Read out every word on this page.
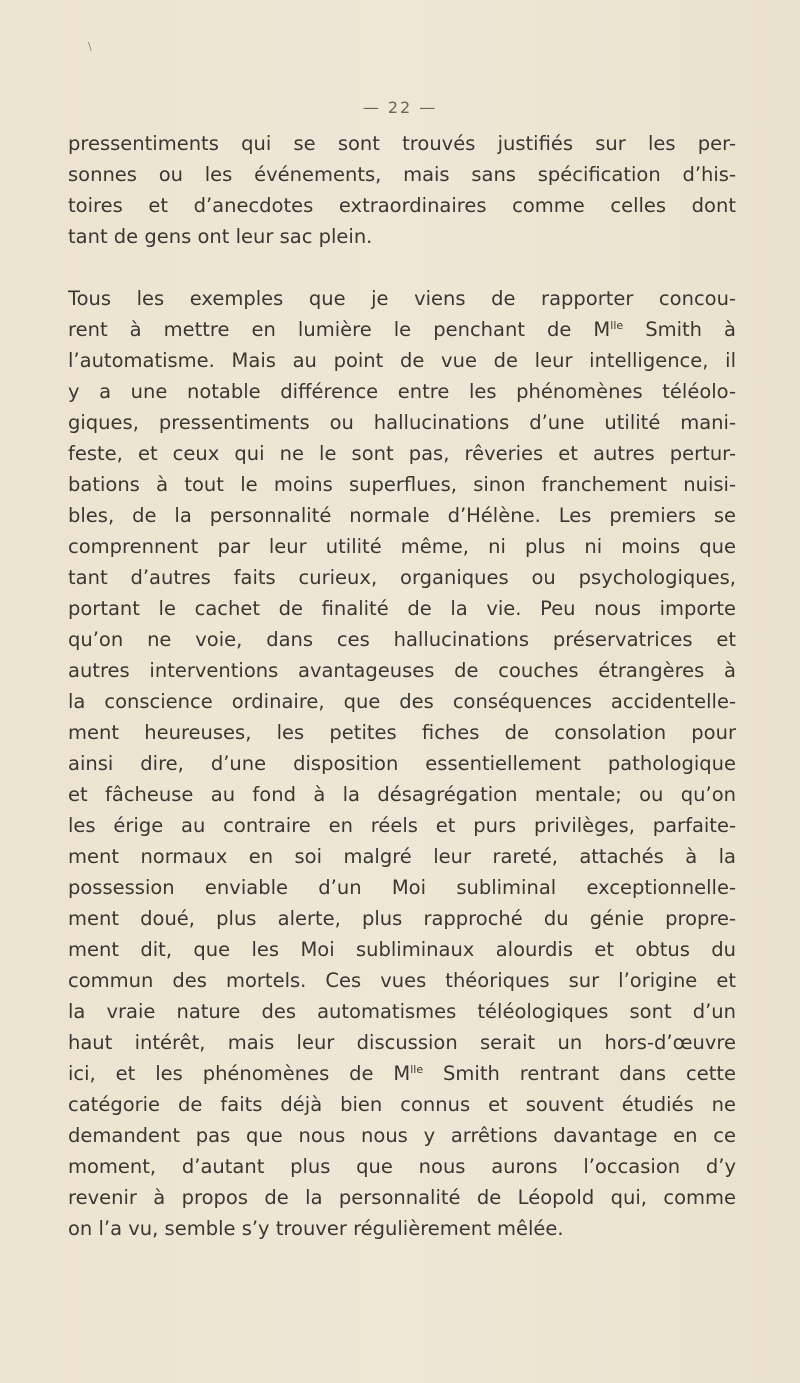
\
— 22 —
pressentiments qui se sont trouvés justifiés sur les per-
sonnes ou les événements, mais sans spécification d’his-
toires et d’anecdotes extraordinaires comme celles dont
tant de gens ont leur sac plein.
Tous les exemples que je viens de rapporter concou-
rent à mettre en lumière le penchant de $M^{lle}$ Smith à
l’automatisme. Mais au point de vue de leur intelligence, il
y a une notable différence entre les phénomènes téléolo-
giques, pressentiments ou hallucinations d’une utilité mani-
feste, et ceux qui ne le sont pas, rêveries et autres pertur-
bations à tout le moins superflues, sinon franchement nuisi-
bles, de la personnalité normale d’Hélène. Les premiers se
comprennent par leur utilité même, ni plus ni moins que
tant d’autres faits curieux, organiques ou psychologiques,
portant le cachet de finalité de la vie. Peu nous importe
qu’on ne voie, dans ces hallucinations préservatrices et
autres interventions avantageuses de couches étrangères à
la conscience ordinaire, que des conséquences accidentelle-
ment heureuses, les petites fiches de consolation pour
ainsi dire, d’une disposition essentiellement pathologique
et fâcheuse au fond à la désagrégation mentale; ou qu’on
les érige au contraire en réels et purs privilèges, parfaite-
ment normaux en soi malgré leur rareté, attachés à la
possession enviable d’un Moi subliminal exceptionnelle-
ment doué, plus alerte, plus rapproché du génie propre-
ment dit, que les Moi subliminaux alourdis et obtus du
commun des mortels. Ces vues théoriques sur l’origine et
la vraie nature des automatismes téléologiques sont d’un
haut intérêt, mais leur discussion serait un hors-d’œuvre
ici, et les phénomènes de $M^{lle}$ Smith rentrant dans cette
catégorie de faits déjà bien connus et souvent étudiés ne
demandent pas que nous nous y arrêtions davantage en ce
moment, d’autant plus que nous aurons l’occasion d’y
revenir à propos de la personnalité de Léopold qui, comme
on l’a vu, semble s’y trouver régulièrement mêlée.
